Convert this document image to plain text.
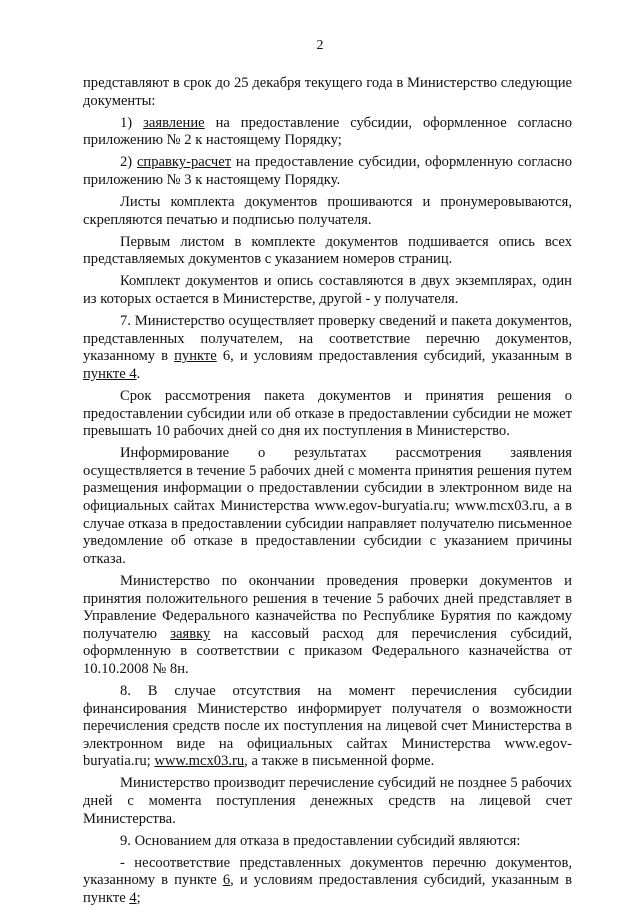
2

представляют в срок до 25 декабря текущего года в Министерство следующие документы:

1) заявление на предоставление субсидии, оформленное согласно приложению № 2 к настоящему Порядку;

2) справку-расчет на предоставление субсидии, оформленную согласно приложению № 3 к настоящему Порядку.

Листы комплекта документов прошиваются и пронумеровываются, скрепляются печатью и подписью получателя.

Первым листом в комплекте документов подшивается опись всех представляемых документов с указанием номеров страниц.

Комплект документов и опись составляются в двух экземплярах, один из которых остается в Министерстве, другой - у получателя.

7. Министерство осуществляет проверку сведений и пакета документов, представленных получателем, на соответствие перечню документов, указанному в пункте 6, и условиям предоставления субсидий, указанным в пункте 4.

Срок рассмотрения пакета документов и принятия решения о предоставлении субсидии или об отказе в предоставлении субсидии не может превышать 10 рабочих дней со дня их поступления в Министерство.

Информирование о результатах рассмотрения заявления осуществляется в течение 5 рабочих дней с момента принятия решения путем размещения информации о предоставлении субсидии в электронном виде на официальных сайтах Министерства www.egov-buryatia.ru; www.mcx03.ru, а в случае отказа в предоставлении субсидии направляет получателю письменное уведомление об отказе в предоставлении субсидии с указанием причины отказа.

Министерство по окончании проведения проверки документов и принятия положительного решения в течение 5 рабочих дней представляет в Управление Федерального казначейства по Республике Бурятия по каждому получателю заявку на кассовый расход для перечисления субсидий, оформленную в соответствии с приказом Федерального казначейства от 10.10.2008 № 8н.

8. В случае отсутствия на момент перечисления субсидии финансирования Министерство информирует получателя о возможности перечисления средств после их поступления на лицевой счет Министерства в электронном виде на официальных сайтах Министерства www.egov-buryatia.ru; www.mcx03.ru, а также в письменной форме.

Министерство производит перечисление субсидий не позднее 5 рабочих дней с момента поступления денежных средств на лицевой счет Министерства.

9. Основанием для отказа в предоставлении субсидий являются:

- несоответствие представленных документов перечню документов, указанному в пункте 6, и условиям предоставления субсидий, указанным в пункте 4;
